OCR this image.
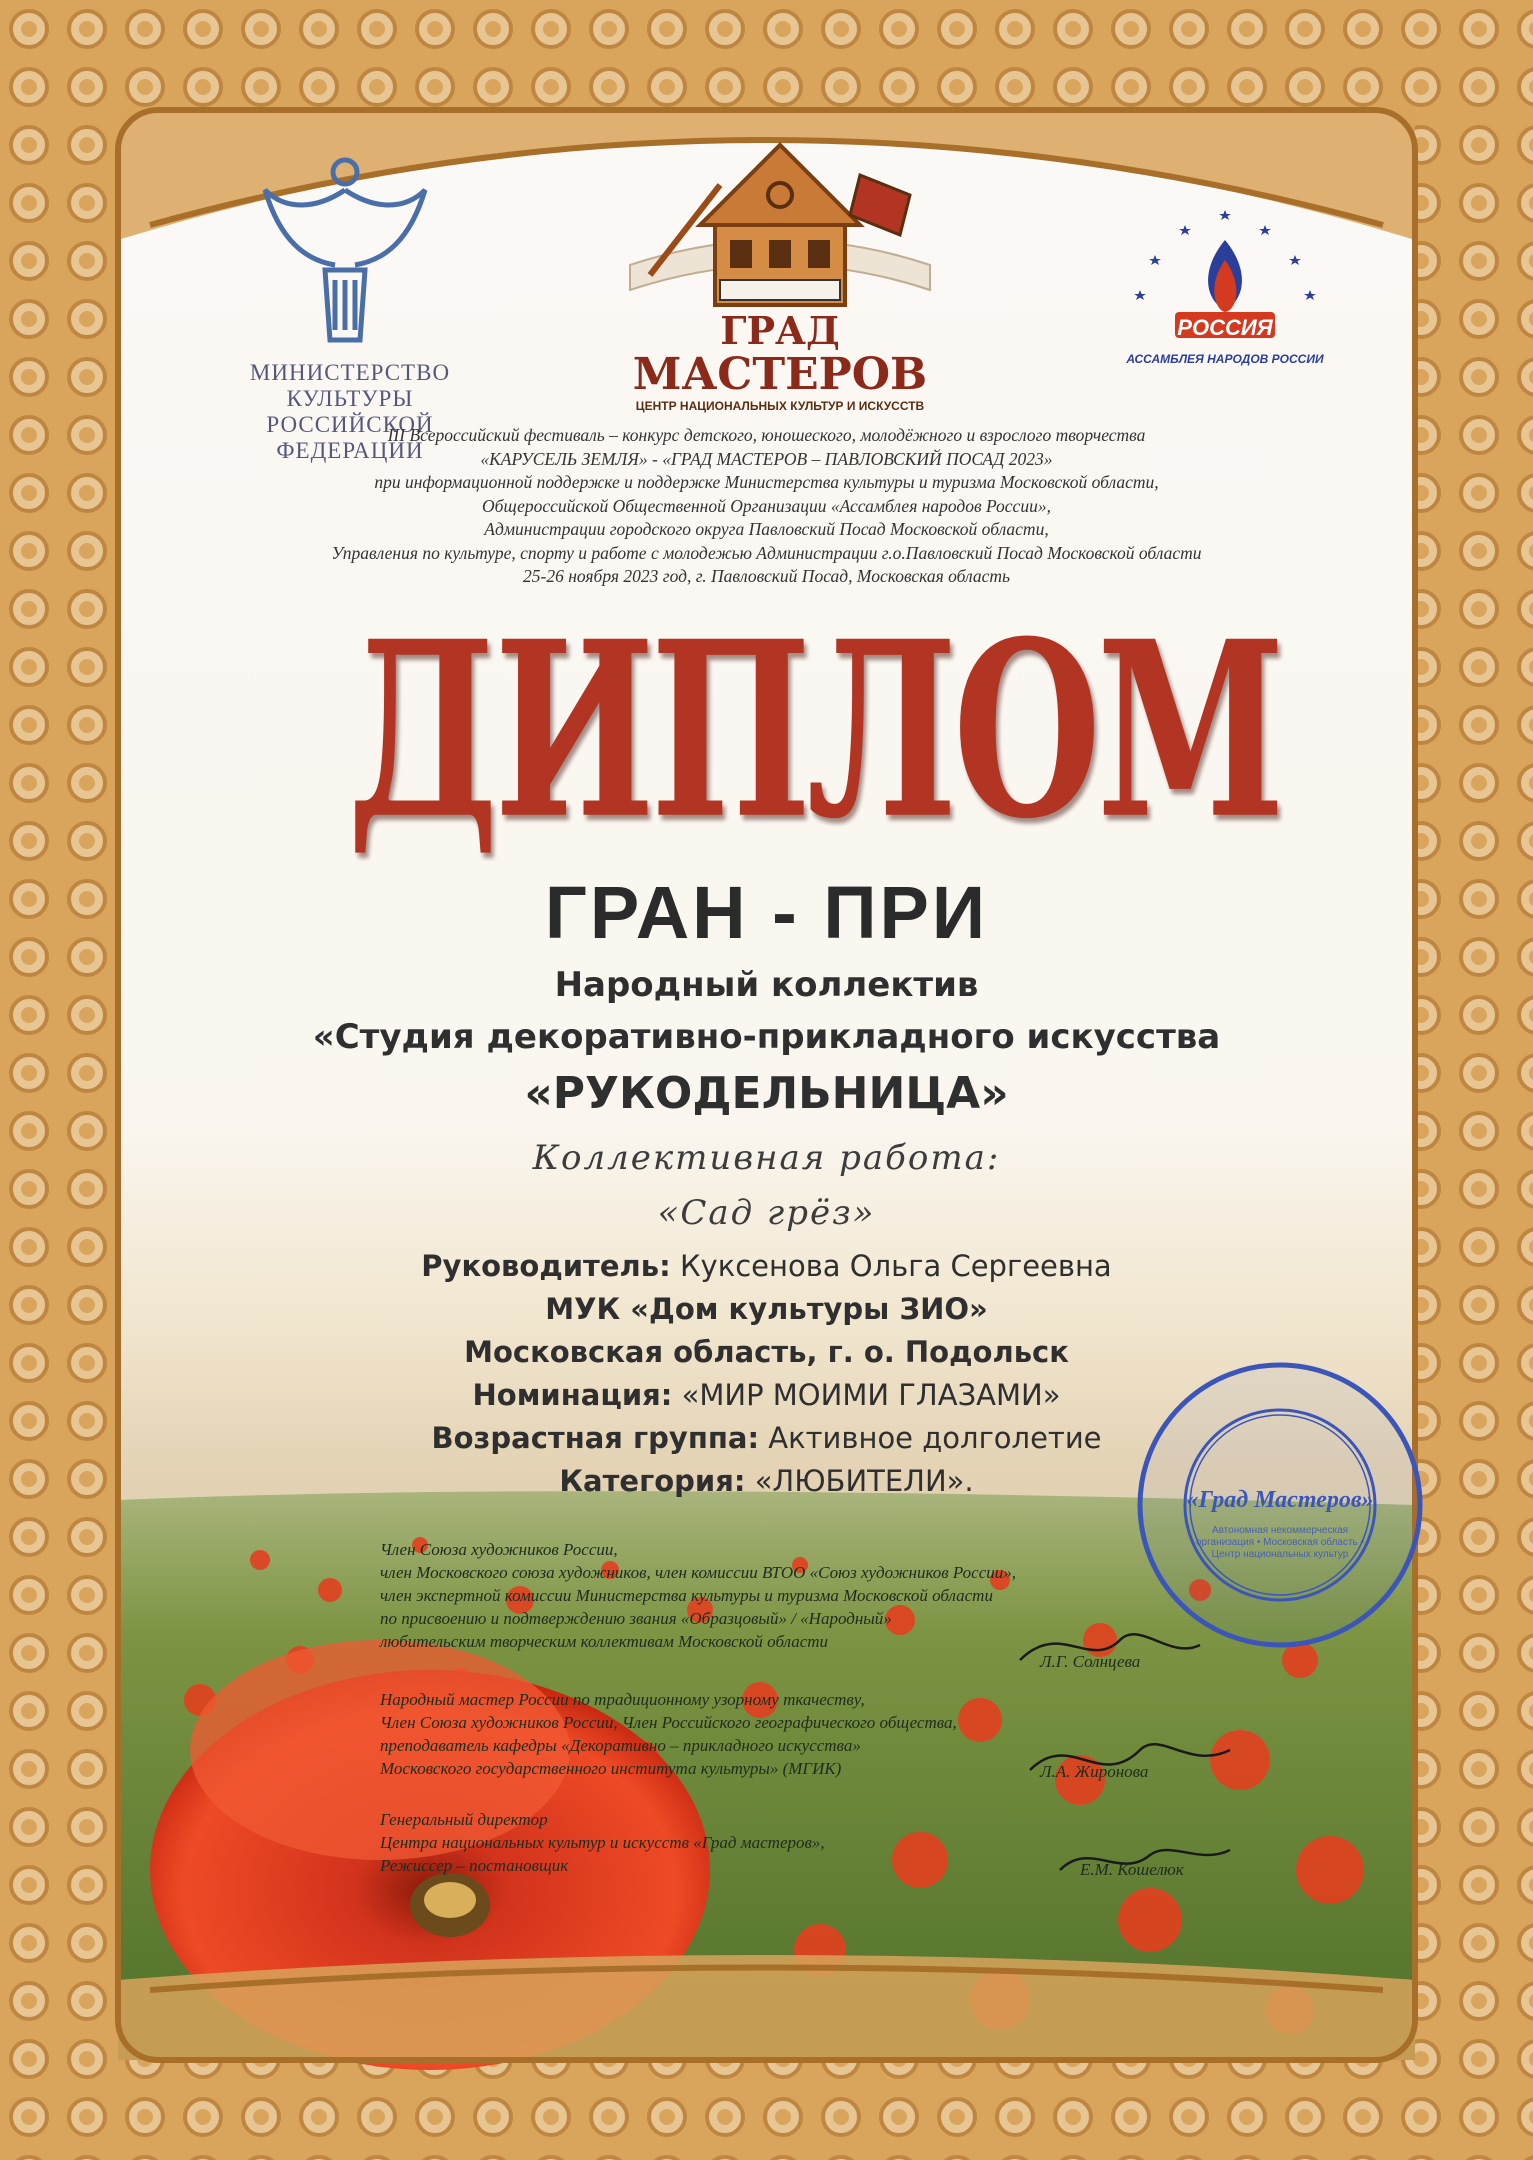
МИНИСТЕРСТВО КУЛЬТУРЫ
РОССИЙСКОЙ ФЕДЕРАЦИИ
ГРАД
МАСТЕРОВ
ЦЕНТР НАЦИОНАЛЬНЫХ КУЛЬТУР И ИСКУССТВ
РОССИЯ
АССАМБЛЕЯ НАРОДОВ РОССИИ
III Всероссийский фестиваль – конкурс детского, юношеского, молодёжного и взрослого творчества
«КАРУСЕЛЬ ЗЕМЛЯ» - «ГРАД МАСТЕРОВ – ПАВЛОВСКИЙ ПОСАД 2023»
при информационной поддержке и поддержке Министерства культуры и туризма Московской области,
Общероссийской Общественной Организации «Ассамблея народов России»,
Администрации городского округа Павловский Посад Московской области,
Управления по культуре, спорту и работе с молодежью Администрации г.о.Павловский Посад Московской области
25-26 ноября 2023 год, г. Павловский Посад, Московская область
ДИПЛОМ
ГРАН - ПРИ
Народный коллектив
«Студия декоративно-прикладного искусства
«РУКОДЕЛЬНИЦА»
Коллективная работа:
«Сад грёз»
Руководитель: Куксенова Ольга Сергеевна
МУК «Дом культуры ЗИО»
Московская область, г. о. Подольск
Номинация: «МИР МОИМИ ГЛАЗАМИ»
Возрастная группа: Активное долголетие
Категория: «ЛЮБИТЕЛИ».
«Град Мастеров»
Автономная некоммерческая организация • Московская область • Центр национальных культур
Член Союза художников России,
член Московского союза художников, член комиссии ВТОО «Союз художников России»,
член экспертной комиссии Министерства культуры и туризма Московской области
по присвоению и подтверждению звания «Образцовый» / «Народный»
любительским творческим коллективам Московской области
Л.Г. Солнцева
Народный мастер России по традиционному узорному ткачеству,
Член Союза художников России, Член Российского географического общества,
преподаватель кафедры «Декоративно – прикладного искусства»
Московского государственного института культуры» (МГИК)	Л.А. Жиронова
Генеральный директор
Центра национальных культур и искусств «Град мастеров»,
Режиссер – постановщик	Е.М. Кошелюк
